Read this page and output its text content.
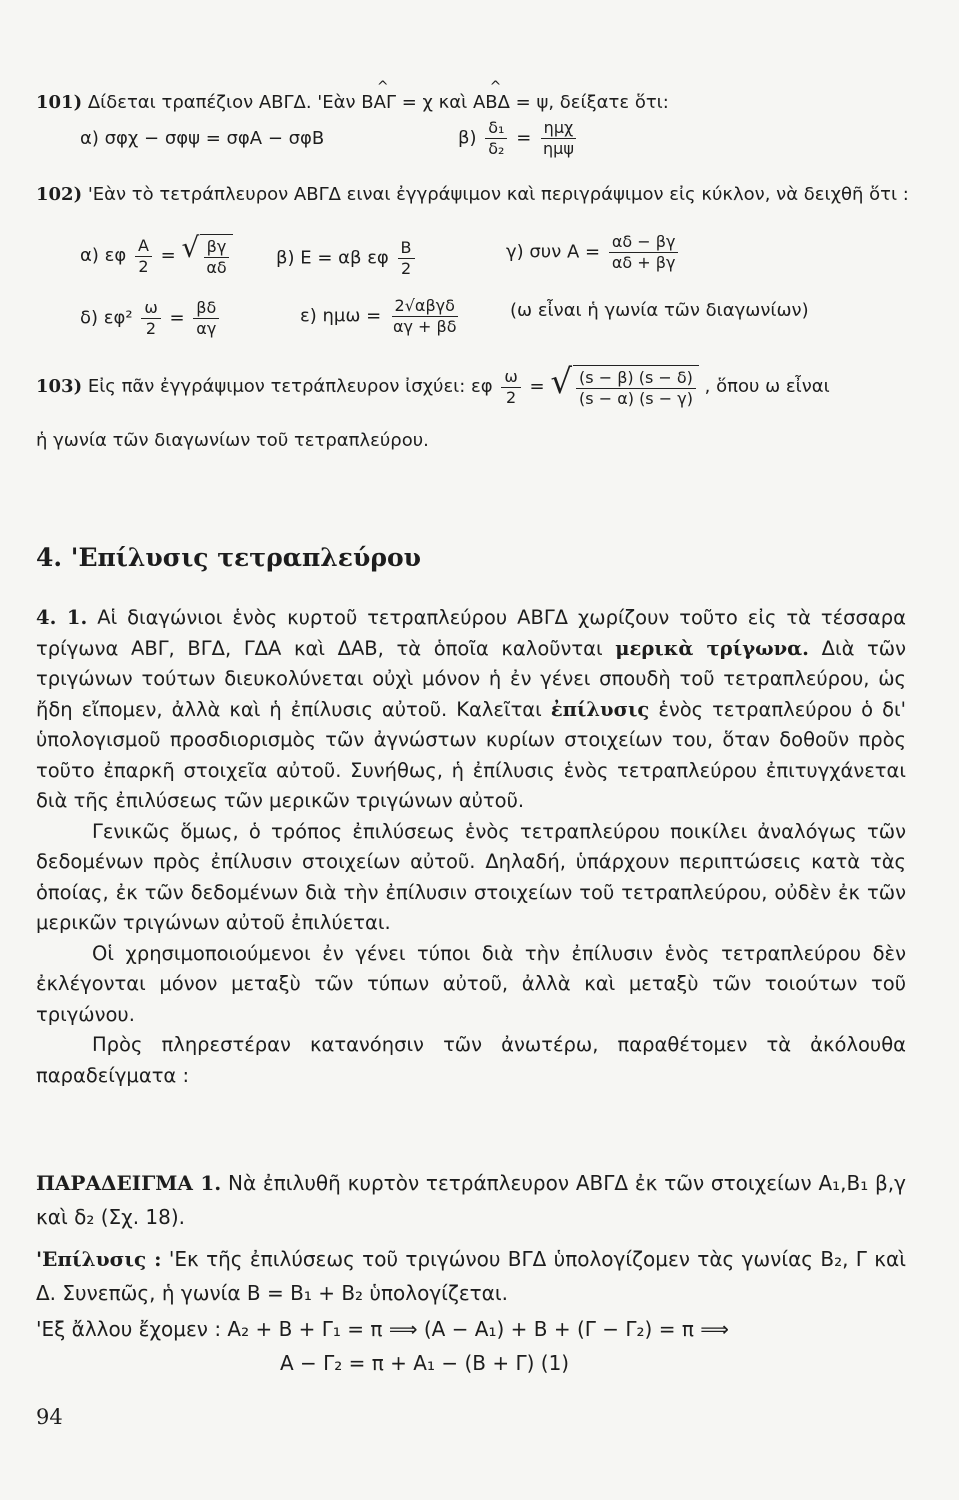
101) Δίδεται τραπέζιον ΑΒΓΔ. 'Εὰν ^ ΒΑΓ = χ καὶ ^ ΑΒΔ = ψ, δείξατε ὅτι:
α) σφχ − σφψ = σφΑ − σφΒ	$\beta) \frac{\text{δ₁}}{\text{δ₂}} = \frac{\text{ημχ}}{\text{ημψ}}$
102) 'Εὰν τὸ τετράπλευρον ΑΒΓΔ ειναι ἐγγράψιμον καὶ περιγράψιμον εἰς κύκλον, νὰ δειχθῆ ὅτι :
α) εφ $\frac{A}{2}$ = √ $\frac{\beta\gamma}{\alpha\delta}$	β) Ε = αβ εφ $\frac{B}{2}$	γ) συν $A = \frac{\alpha\delta - \beta\gamma}{\alpha\delta + \beta\gamma}$
δ) $\varepsilon\varphi^2 \frac{\omega}{2} = \frac{\beta\delta}{\alpha\gamma}$	ε) $\eta\mu\omega = \frac{\text{2√αβγδ}}{\alpha\gamma + \beta\delta}$	(ω εἶναι ἡ γωνία τῶν διαγωνίων)
103) Εἰς πᾶν ἐγγράψιμον τετράπλευρον ἰσχύει: εφ $\frac{\omega}{2}$ = √ $\frac{(s - \beta) (s - \delta)}{(s - \alpha) (s - \gamma)}$ , ὅπου ω εἶναι
ἡ γωνία τῶν διαγωνίων τοῦ τετραπλεύρου.
4. 'Επίλυσις τετραπλεύρου

4. 1. Αἱ διαγώνιοι ἑνὸς κυρτοῦ τετραπλεύρου ΑΒΓΔ χωρίζουν τοῦτο εἰς τὰ τέσσαρα τρίγωνα ΑΒΓ, ΒΓΔ, ΓΔΑ καὶ ΔΑΒ, τὰ ὁποῖα καλοῦνται μερικὰ τρίγωνα. Διὰ τῶν τριγώνων τούτων διευκολύνεται οὐχὶ μόνον ἡ ἐν γένει σπουδὴ τοῦ τετραπλεύρου, ὡς ἤδη εἴπομεν, ἀλλὰ καὶ ἡ ἐπίλυσις αὐτοῦ. Καλεῖται ἐπίλυσις ἑνὸς τετραπλεύρου ὁ δι' ὑπολογισμοῦ προσδιορισμὸς τῶν ἀγνώστων κυρίων στοιχείων του, ὅταν δοθοῦν πρὸς τοῦτο ἐπαρκῆ στοιχεῖα αὐτοῦ. Συνήθως, ἡ ἐπίλυσις ἑνὸς τετραπλεύρου ἐπιτυγχάνεται διὰ τῆς ἐπιλύσεως τῶν μερικῶν τριγώνων αὐτοῦ.

Γενικῶς ὅμως, ὁ τρόπος ἐπιλύσεως ἑνὸς τετραπλεύρου ποικίλει ἀναλόγως τῶν δεδομένων πρὸς ἐπίλυσιν στοιχείων αὐτοῦ. Δηλαδή, ὑπάρχουν περιπτώσεις κατὰ τὰς ὁποίας, ἐκ τῶν δεδομένων διὰ τὴν ἐπίλυσιν στοιχείων τοῦ τετραπλεύρου, οὐδὲν ἐκ τῶν μερικῶν τριγώνων αὐτοῦ ἐπιλύεται.

Οἱ χρησιμοποιούμενοι ἐν γένει τύποι διὰ τὴν ἐπίλυσιν ἑνὸς τετραπλεύρου δὲν ἐκλέγονται μόνον μεταξὺ τῶν τύπων αὐτοῦ, ἀλλὰ καὶ μεταξὺ τῶν τοιούτων τοῦ τριγώνου.

Πρὸς πληρεστέραν κατανόησιν τῶν ἀνωτέρω, παραθέτομεν τὰ ἀκόλουθα παραδείγματα :

ΠΑΡΑΔΕΙΓΜΑ 1. Νὰ ἐπιλυθῆ κυρτὸν τετράπλευρον ΑΒΓΔ ἐκ τῶν στοιχείων Α₁,Β₁ β,γ καὶ δ₂ (Σχ. 18).

'Επίλυσις : 'Εκ τῆς ἐπιλύσεως τοῦ τριγώνου ΒΓΔ ὑπολογίζομεν τὰς γωνίας Β₂, Γ καὶ Δ. Συνεπῶς, ἡ γωνία Β = Β₁ + Β₂ ὑπολογίζεται.

'Εξ ἄλλου ἔχομεν : Α₂ + Β + Γ₁ = π ⟹ (Α − Α₁) + Β + (Γ − Γ₂) = π ⟹

Α − Γ₂ = π + Α₁ − (Β + Γ) (1)

94
